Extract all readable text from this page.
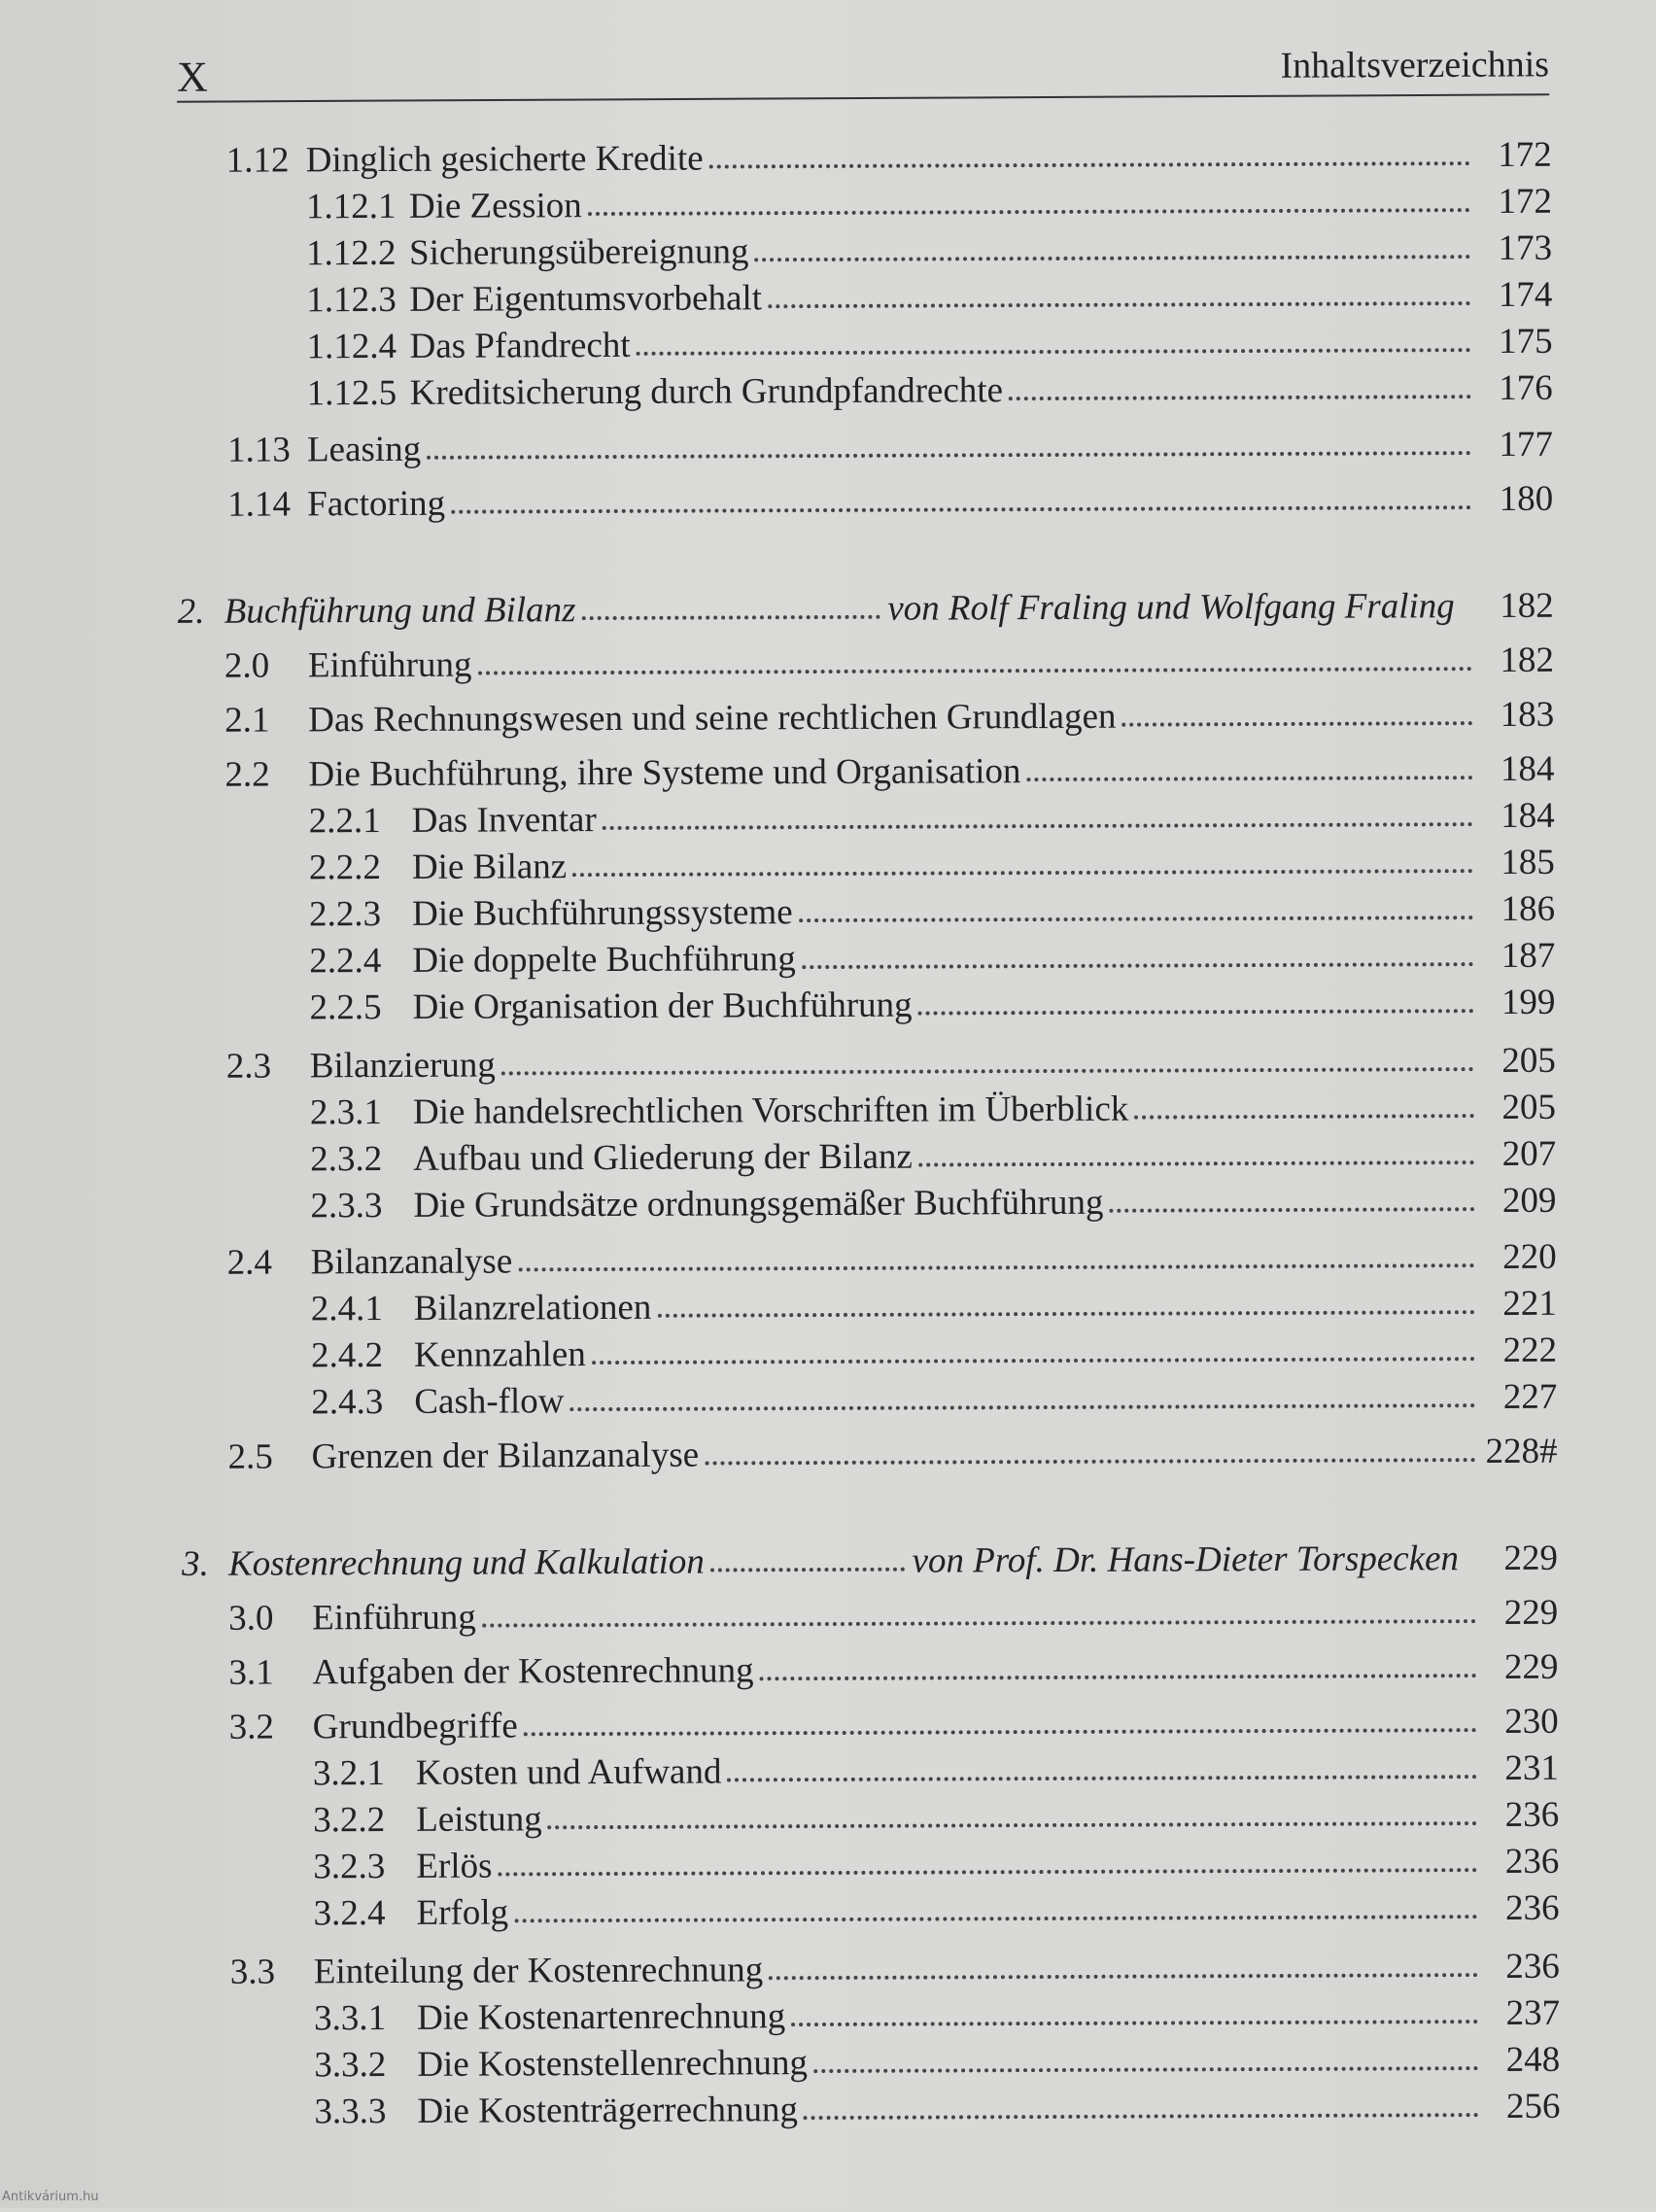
X	Inhaltsverzeichnis
1.12 Dinglich gesicherte Kredite	172
1.12.1 Die Zession	172
1.12.2 Sicherungsübereignung	173
1.12.3 Der Eigentumsvorbehalt	174
1.12.4 Das Pfandrecht	175
1.12.5 Kreditsicherung durch Grundpfandrechte	176
1.13 Leasing	177
1.14 Factoring	180
2. Buchführung und Bilanz	von Rolf Fraling und Wolfgang Fraling	182
2.0	Einführung	182
2.1	Das Rechnungswesen und seine rechtlichen Grundlagen	183
2.2	Die Buchführung, ihre Systeme und Organisation	184
2.2.1 Das Inventar	184
2.2.2 Die Bilanz	185
2.2.3 Die Buchführungssysteme	186
2.2.4 Die doppelte Buchführung	187
2.2.5 Die Organisation der Buchführung	199
2.3	Bilanzierung	205
2.3.1 Die handelsrechtlichen Vorschriften im Überblick	205
2.3.2 Aufbau und Gliederung der Bilanz	207
2.3.3 Die Grundsätze ordnungsgemäßer Buchführung	209
2.4	Bilanzanalyse	220
2.4.1 Bilanzrelationen	221
2.4.2 Kennzahlen	222
2.4.3 Cash-flow	227
2.5	Grenzen der Bilanzanalyse	228#
3. Kostenrechnung und Kalkulation	von Prof. Dr. Hans-Dieter Torspecken	229
3.0	Einführung	229
3.1	Aufgaben der Kostenrechnung	229
3.2	Grundbegriffe	230
3.2.1 Kosten und Aufwand	231
3.2.2 Leistung	236
3.2.3 Erlös	236
3.2.4 Erfolg	236
3.3	Einteilung der Kostenrechnung	236
3.3.1 Die Kostenartenrechnung	237
3.3.2 Die Kostenstellenrechnung	248
3.3.3 Die Kostenträgerrechnung	256
Antikvárium.hu
